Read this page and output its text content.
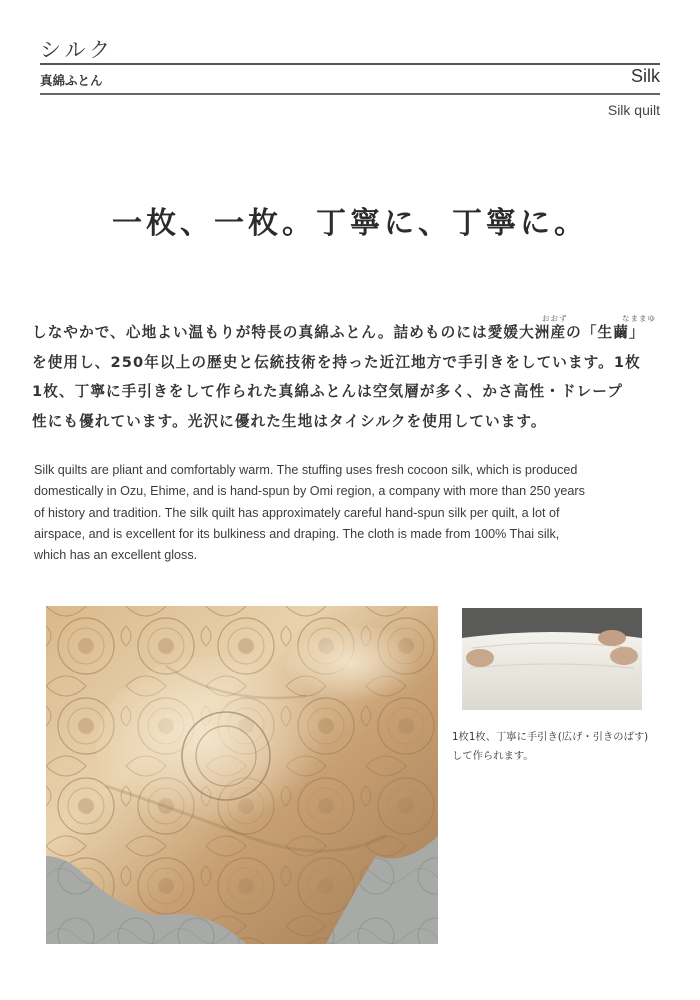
シルク
真綿ふとん	Silk
Silk quilt
一枚、一枚。丁寧に、丁寧に。
おおず	なままゆ
しなやかで、心地よい温もりが特長の真綿ふとん。詰めものには愛媛大洲産の「生繭」
を使用し、250年以上の歴史と伝統技術を持った近江地方で手引きをしています。1枚
1枚、丁寧に手引きをして作られた真綿ふとんは空気層が多く、かさ高性・ドレープ
性にも優れています。光沢に優れた生地はタイシルクを使用しています。
Silk quilts are pliant and comfortably warm. The stuffing uses fresh cocoon silk, which is produced
domestically in Ozu, Ehime, and is hand-spun by Omi region, a company with more than 250 years
of history and tradition. The silk quilt has approximately careful hand-spun silk per quilt, a lot of
airspace, and is excellent for its bulkiness and draping. The cloth is made from 100% Thai silk,
which has an excellent gloss.
1枚1枚、丁寧に手引き(広げ・引きのばす)
して作られます。
